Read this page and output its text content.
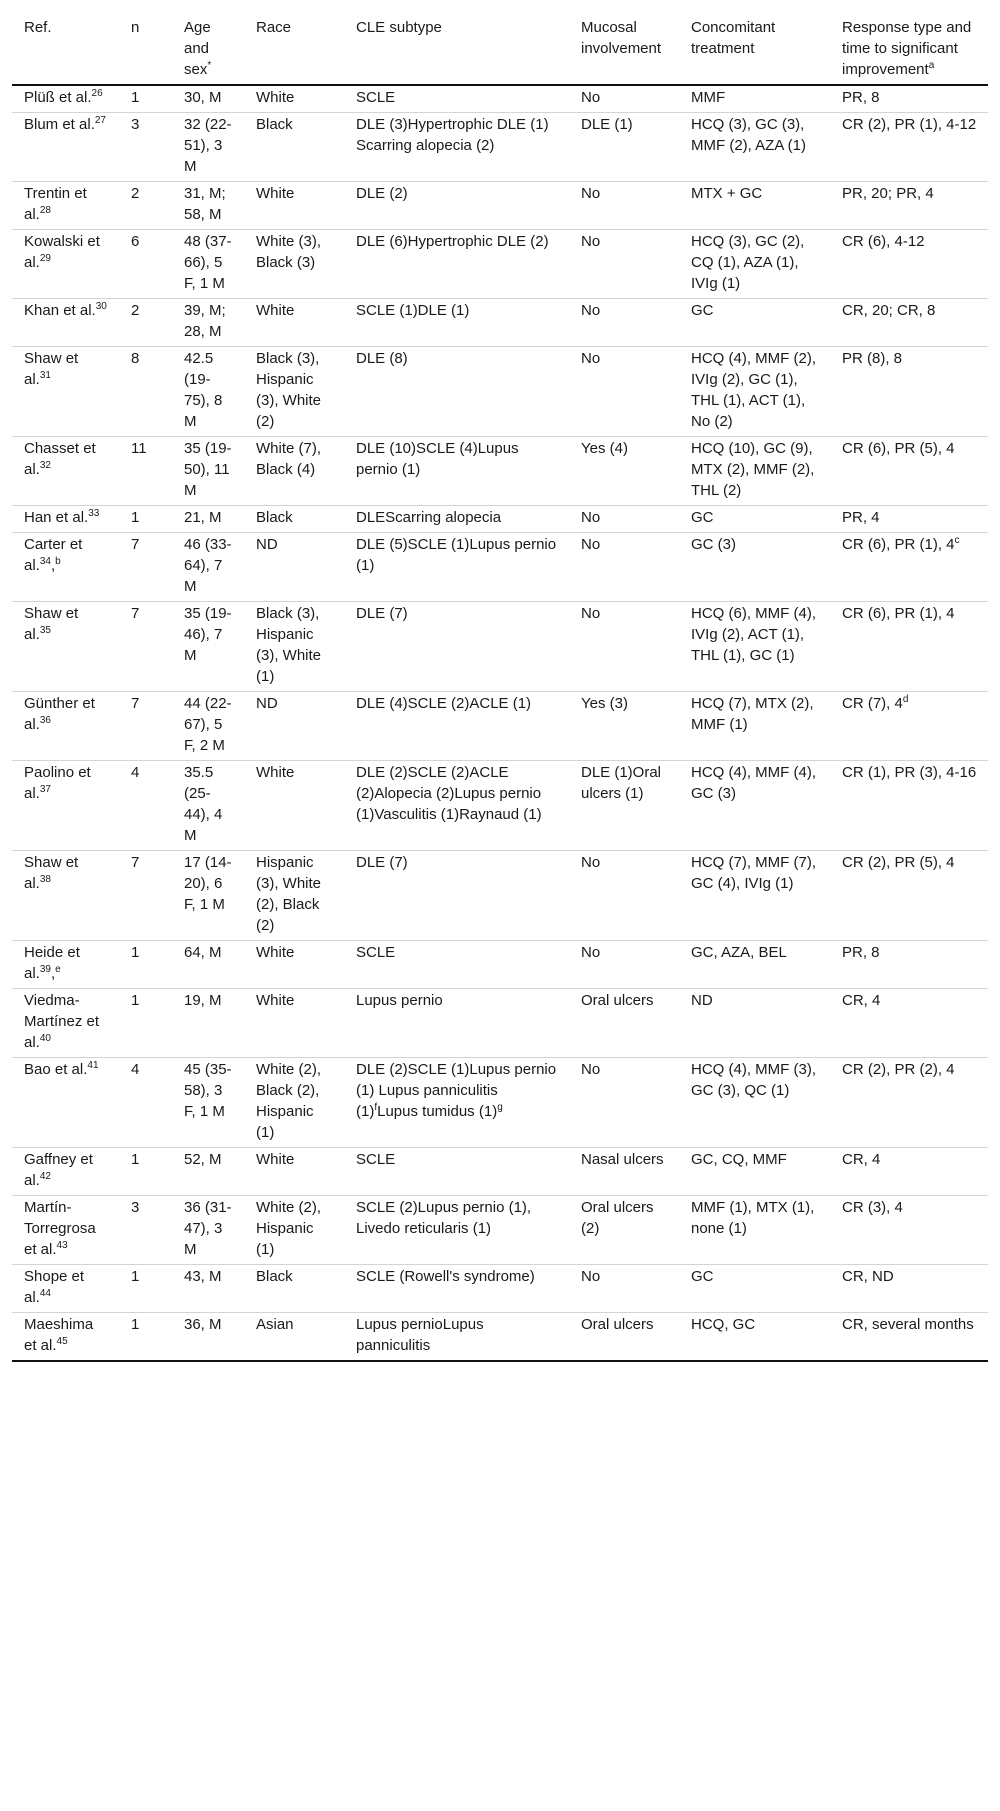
Ref.	n	Age and sex*	Race	CLE subtype	Mucosal involvement	Concomitant treatment	Response type and time to significant improvement$^a$
Plüß et al.$^{26}$	1	30, M	White	SCLE	No	MMF	PR, 8
Blum et al.$^{27}$	3	32 (22-51), 3 M	Black	DLE (3)Hypertrophic DLE (1) Scarring alopecia (2)	DLE (1)	HCQ (3), GC (3), MMF (2), AZA (1)	CR (2), PR (1), 4-12
Trentin et al.$^{28}$	2	31, M; 58, M	White	DLE (2)	No	MTX + GC	PR, 20; PR, 4
Kowalski et al.$^{29}$	6	48 (37-66), 5 F, 1 M	White (3), Black (3)	DLE (6)Hypertrophic DLE (2)	No	HCQ (3), GC (2), CQ (1), AZA (1), IVIg (1)	CR (6), 4-12
Khan et al.$^{30}$	2	39, M; 28, M	White	SCLE (1)DLE (1)	No	GC	CR, 20; CR, 8
Shaw et al.$^{31}$	8	42.5 (19-75), 8 M	Black (3), Hispanic (3), White (2)	DLE (8)	No	HCQ (4), MMF (2), IVIg (2), GC (1), THL (1), ACT (1), No (2)	PR (8), 8
Chasset et al.$^{32}$	11	35 (19-50), 11 M	White (7), Black (4)	DLE (10)SCLE (4)Lupus pernio (1)	Yes (4)	HCQ (10), GC (9), MTX (2), MMF (2), THL (2)	CR (6), PR (5), 4
Han et al.$^{33}$	1	21, M	Black	DLEScarring alopecia	No	GC	PR, 4
Carter et al.$^{34}$,$^b$	7	46 (33-64), 7 M	ND	DLE (5)SCLE (1)Lupus pernio (1)	No	GC (3)	CR (6), PR (1), 4$^c$
Shaw et al.$^{35}$	7	35 (19-46), 7 M	Black (3), Hispanic (3), White (1)	DLE (7)	No	HCQ (6), MMF (4), IVIg (2), ACT (1), THL (1), GC (1)	CR (6), PR (1), 4
Günther et al.$^{36}$	7	44 (22-67), 5 F, 2 M	ND	DLE (4)SCLE (2)ACLE (1)	Yes (3)	HCQ (7), MTX (2), MMF (1)	CR (7), 4$^d$
Paolino et al.$^{37}$	4	35.5 (25-44), 4 M	White	DLE (2)SCLE (2)ACLE (2)Alopecia (2)Lupus pernio (1)Vasculitis (1)Raynaud (1)	DLE (1)Oral ulcers (1)	HCQ (4), MMF (4), GC (3)	CR (1), PR (3), 4-16
Shaw et al.$^{38}$	7	17 (14-20), 6 F, 1 M	Hispanic (3), White (2), Black (2)	DLE (7)	No	HCQ (7), MMF (7), GC (4), IVIg (1)	CR (2), PR (5), 4
Heide et al.$^{39}$,$^e$	1	64, M	White	SCLE	No	GC, AZA, BEL	PR, 8
Viedma-Martínez et al.$^{40}$	1	19, M	White	Lupus pernio	Oral ulcers	ND	CR, 4
Bao et al.$^{41}$	4	45 (35-58), 3 F, 1 M	White (2), Black (2), Hispanic (1)	DLE (2)SCLE (1)Lupus pernio (1) Lupus panniculitis $(1)^fLupus$ tumidus $(1)^g$	No	HCQ (4), MMF (3), GC (3), QC (1)	CR (2), PR (2), 4
Gaffney et al.$^{42}$	1	52, M	White	SCLE	Nasal ulcers	GC, CQ, MMF	CR, 4
Martín-Torregrosa et al.$^{43}$	3	36 (31-47), 3 M	White (2), Hispanic (1)	SCLE (2)Lupus pernio (1), Livedo reticularis (1)	Oral ulcers (2)	MMF (1), MTX (1), none (1)	CR (3), 4
Shope et al.$^{44}$	1	43, M	Black	SCLE (Rowell's syndrome)	No	GC	CR, ND
Maeshima et al.$^{45}$	1	36, M	Asian	Lupus pernioLupus panniculitis	Oral ulcers	HCQ, GC	CR, several months
